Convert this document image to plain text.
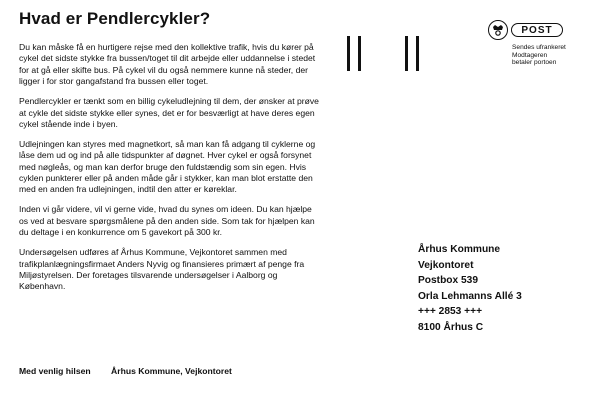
Hvad er Pendlercykler?

Du kan måske få en hurtigere rejse med den kollektive trafik, hvis du kører på cykel det sidste stykke fra bussen/toget til dit arbejde eller uddannelse i stedet for at gå eller skifte bus. På cykel vil du også nemmere kunne nå steder, der ligger i for stor gangafstand fra bussen eller toget.

Pendlercykler er tænkt som en billig cykeludlejning til dem, der ønsker at prøve at cykle det sidste stykke eller synes, det er for besværligt at have deres egen cykel stående inde i byen.

Udlejningen kan styres med magnetkort, så man kan få adgang til cyklerne og låse dem ud og ind på alle tidspunkter af døgnet. Hver cykel er også forsynet med nøgleås, og man kan derfor bruge den fuldstændig som sin egen. Hvis cyklen punkterer eller på anden måde går i stykker, kan man blot erstatte den med en anden fra udlejningen, indtil den atter er køreklar.

Inden vi går videre, vil vi gerne vide, hvad du synes om ideen. Du kan hjælpe os ved at besvare spørgsmålene på den anden side. Som tak for hjælpen kan du deltage i en konkurrence om 5 gavekort på 300 kr.

Undersøgelsen udføres af Århus Kommune, Vejkontoret sammen med trafikplanlægningsfirmaet Anders Nyvig og finansieres primært af penge fra Miljøstyrelsen. Der foretages tilsvarende undersøgelser i Aalborg og København.

Med venlig hilsen Århus Kommune, Vejkontoret
POST
Sendes ufrankeret
Modtageren
betaler portoen
Århus Kommune
Vejkontoret
Postbox 539
Orla Lehmanns Allé 3
+++ 2853 +++
8100 Århus C
